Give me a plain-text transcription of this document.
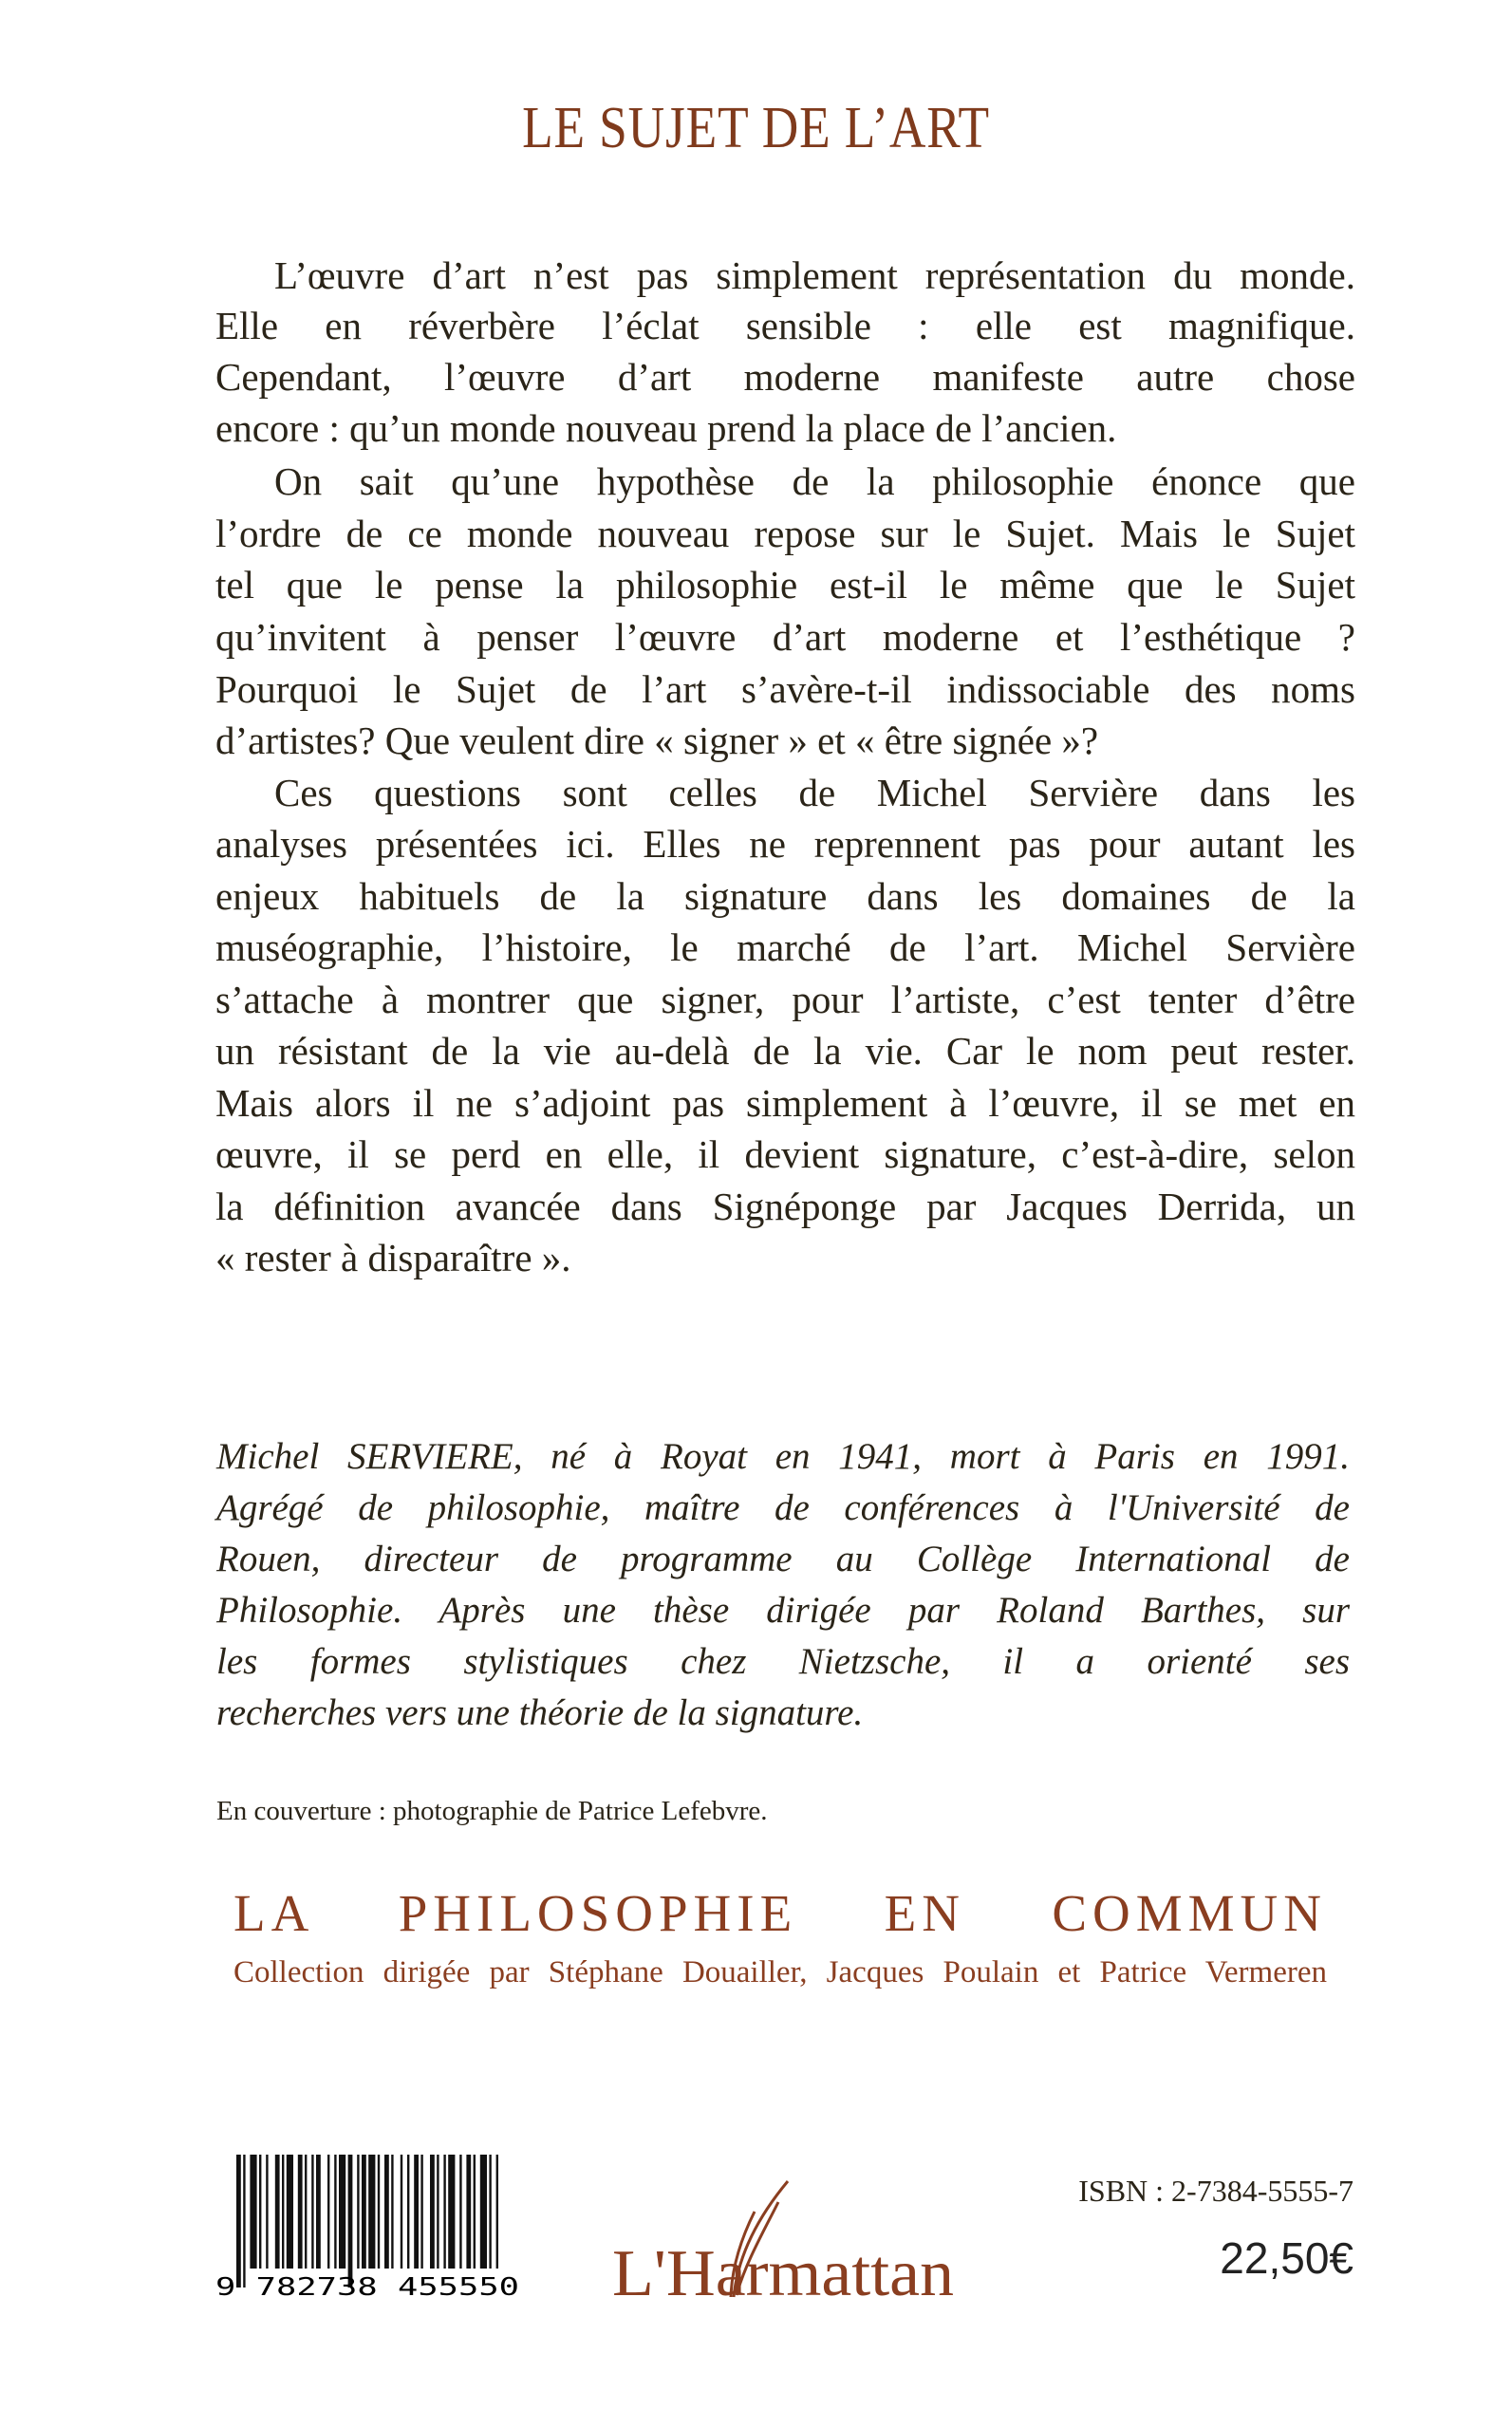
LE SUJET DE L’ART
L’œuvre d’art n’est pas simplement représentation du monde.
Elle en réverbère l’éclat sensible : elle est magnifique.
Cependant, l’œuvre d’art moderne manifeste autre chose
encore : qu’un monde nouveau prend la place de l’ancien.
On sait qu’une hypothèse de la philosophie énonce que
l’ordre de ce monde nouveau repose sur le Sujet. Mais le Sujet
tel que le pense la philosophie est-il le même que le Sujet
qu’invitent à penser l’œuvre d’art moderne et l’esthétique ?
Pourquoi le Sujet de l’art s’avère-t-il indissociable des noms
d’artistes? Que veulent dire « signer » et « être signée »?
Ces questions sont celles de Michel Servière dans les
analyses présentées ici. Elles ne reprennent pas pour autant les
enjeux habituels de la signature dans les domaines de la
muséographie, l’histoire, le marché de l’art. Michel Servière
s’attache à montrer que signer, pour l’artiste, c’est tenter d’être
un résistant de la vie au-delà de la vie. Car le nom peut rester.
Mais alors il ne s’adjoint pas simplement à l’œuvre, il se met en
œuvre, il se perd en elle, il devient signature, c’est-à-dire, selon
la définition avancée dans Signéponge par Jacques Derrida, un
« rester à disparaître ».
Michel SERVIERE, né à Royat en 1941, mort à Paris en 1991.
Agrégé de philosophie, maître de conférences à l'Université de
Rouen, directeur de programme au Collège International de
Philosophie. Après une thèse dirigée par Roland Barthes, sur
les formes stylistiques chez Nietzsche, il a orienté ses
recherches vers une théorie de la signature.
En couverture : photographie de Patrice Lefebvre.
LA PHILOSOPHIE EN COMMUN
Collection dirigée par Stéphane Douailler, Jacques Poulain et Patrice Vermeren
9 782738 455550 L'Harmattan
ISBN : 2-7384-5555-7
22,50€
